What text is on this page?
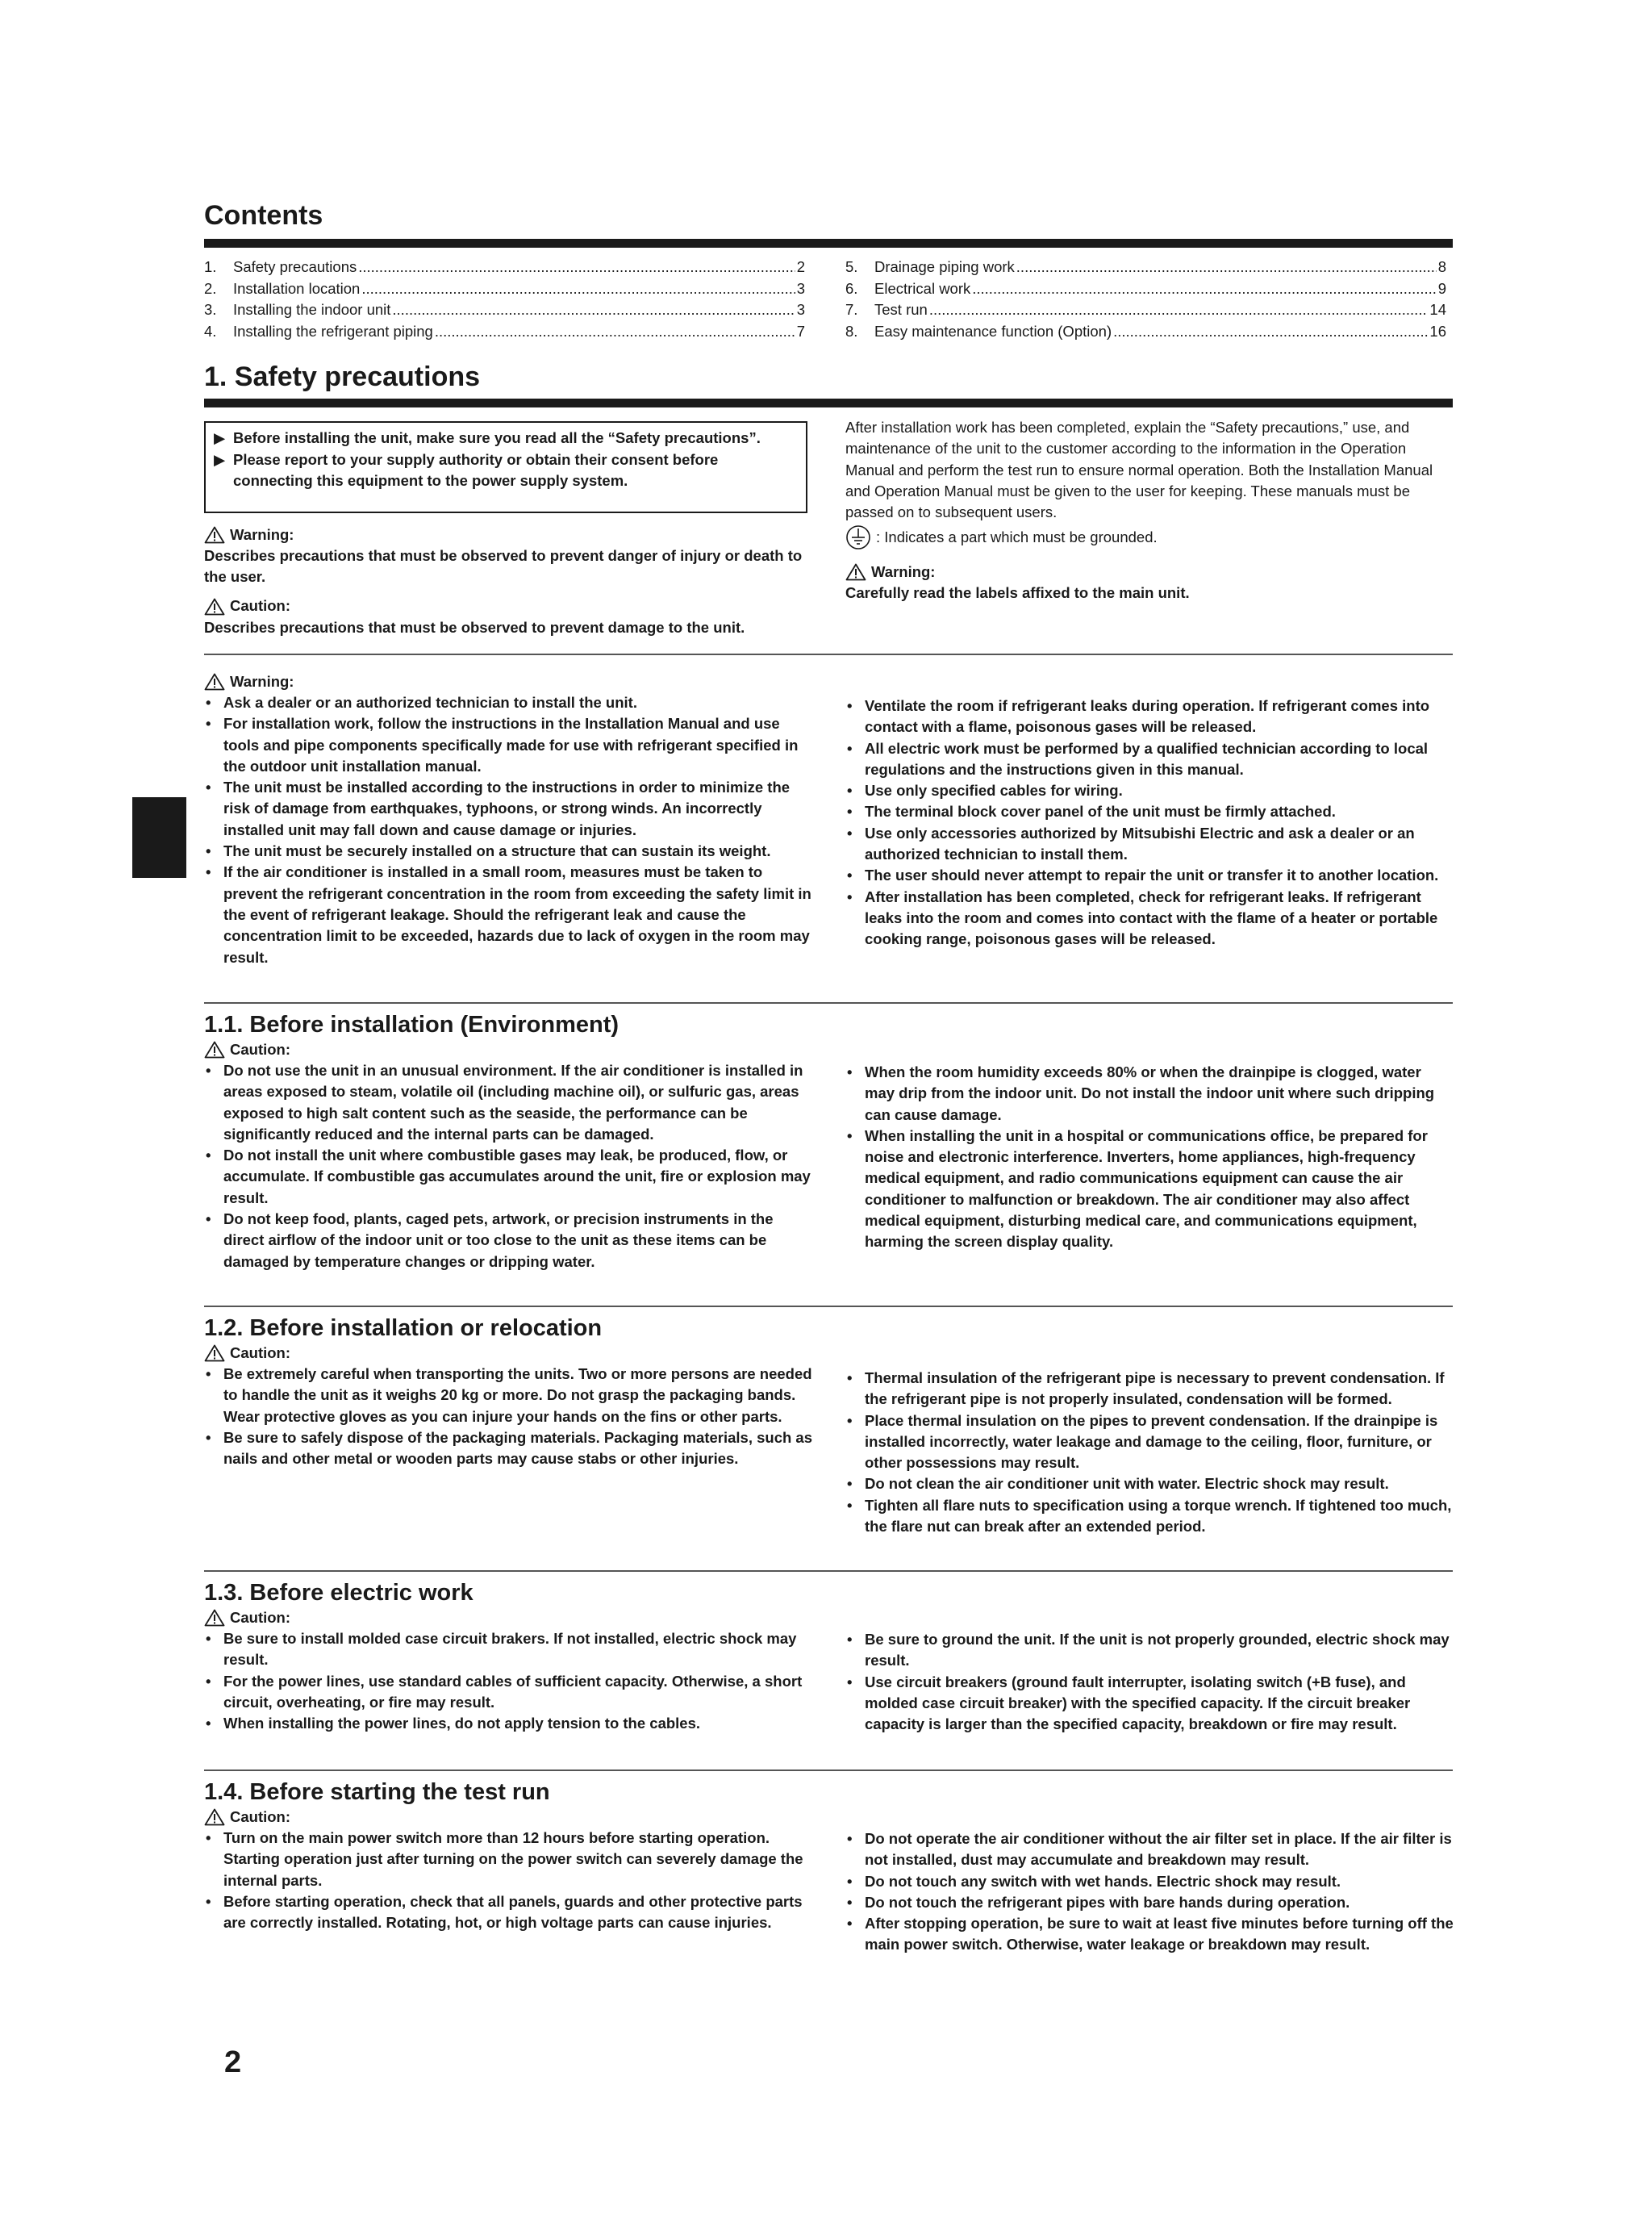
Contents
1.	Safety precautions .....	2
2.	Installation location .....	3
3.	Installing the indoor unit .....	3
4.	Installing the refrigerant piping .....	7
5.	Drainage piping work .....	8
6.	Electrical work .....	9
7.	Test run .....	14
8.	Easy maintenance function (Option) .....	16
1. Safety precautions
▶ Before installing the unit, make sure you read all the “Safety precautions”.
▶ Please report to your supply authority or obtain their consent before connecting this equipment to the power supply system.
Warning:
Describes precautions that must be observed to prevent danger of injury or death to the user.
Caution:
Describes precautions that must be observed to prevent damage to the unit.
After installation work has been completed, explain the “Safety precautions,” use, and maintenance of the unit to the customer according to the information in the Operation Manual and perform the test run to ensure normal operation. Both the Installation Manual and Operation Manual must be given to the user for keeping. These manuals must be passed on to subsequent users.
: Indicates a part which must be grounded.
Warning:
Carefully read the labels affixed to the main unit.
Warning:
• Ask a dealer or an authorized technician to install the unit.
• For installation work, follow the instructions in the Installation Manual and use tools and pipe components specifically made for use with refrigerant specified in the outdoor unit installation manual.
• The unit must be installed according to the instructions in order to minimize the risk of damage from earthquakes, typhoons, or strong winds. An incorrectly installed unit may fall down and cause damage or injuries.
• The unit must be securely installed on a structure that can sustain its weight.
• If the air conditioner is installed in a small room, measures must be taken to prevent the refrigerant concentration in the room from exceeding the safety limit in the event of refrigerant leakage. Should the refrigerant leak and cause the concentration limit to be exceeded, hazards due to lack of oxygen in the room may result.
• Ventilate the room if refrigerant leaks during operation. If refrigerant comes into contact with a flame, poisonous gases will be released.
• All electric work must be performed by a qualified technician according to local regulations and the instructions given in this manual.
• Use only specified cables for wiring.
• The terminal block cover panel of the unit must be firmly attached.
• Use only accessories authorized by Mitsubishi Electric and ask a dealer or an authorized technician to install them.
• The user should never attempt to repair the unit or transfer it to another location.
• After installation has been completed, check for refrigerant leaks. If refrigerant leaks into the room and comes into contact with the flame of a heater or portable cooking range, poisonous gases will be released.
1.1. Before installation (Environment)
Caution:
• Do not use the unit in an unusual environment. If the air conditioner is installed in areas exposed to steam, volatile oil (including machine oil), or sulfuric gas, areas exposed to high salt content such as the seaside, the performance can be significantly reduced and the internal parts can be damaged.
• Do not install the unit where combustible gases may leak, be produced, flow, or accumulate. If combustible gas accumulates around the unit, fire or explosion may result.
• Do not keep food, plants, caged pets, artwork, or precision instruments in the direct airflow of the indoor unit or too close to the unit as these items can be damaged by temperature changes or dripping water.
• When the room humidity exceeds 80% or when the drainpipe is clogged, water may drip from the indoor unit. Do not install the indoor unit where such dripping can cause damage.
• When installing the unit in a hospital or communications office, be prepared for noise and electronic interference. Inverters, home appliances, high-frequency medical equipment, and radio communications equipment can cause the air conditioner to malfunction or breakdown. The air conditioner may also affect medical equipment, disturbing medical care, and communications equipment, harming the screen display quality.
1.2. Before installation or relocation
Caution:
• Be extremely careful when transporting the units. Two or more persons are needed to handle the unit as it weighs 20 kg or more. Do not grasp the packaging bands. Wear protective gloves as you can injure your hands on the fins or other parts.
• Be sure to safely dispose of the packaging materials. Packaging materials, such as nails and other metal or wooden parts may cause stabs or other injuries.
• Thermal insulation of the refrigerant pipe is necessary to prevent condensation. If the refrigerant pipe is not properly insulated, condensation will be formed.
• Place thermal insulation on the pipes to prevent condensation. If the drainpipe is installed incorrectly, water leakage and damage to the ceiling, floor, furniture, or other possessions may result.
• Do not clean the air conditioner unit with water. Electric shock may result.
• Tighten all flare nuts to specification using a torque wrench. If tightened too much, the flare nut can break after an extended period.
1.3. Before electric work
Caution:
• Be sure to install molded case circuit brakers. If not installed, electric shock may result.
• For the power lines, use standard cables of sufficient capacity. Otherwise, a short circuit, overheating, or fire may result.
• When installing the power lines, do not apply tension to the cables.
• Be sure to ground the unit. If the unit is not properly grounded, electric shock may result.
• Use circuit breakers (ground fault interrupter, isolating switch (+B fuse), and molded case circuit breaker) with the specified capacity. If the circuit breaker capacity is larger than the specified capacity, breakdown or fire may result.
1.4. Before starting the test run
Caution:
• Turn on the main power switch more than 12 hours before starting operation. Starting operation just after turning on the power switch can severely damage the internal parts.
• Before starting operation, check that all panels, guards and other protective parts are correctly installed. Rotating, hot, or high voltage parts can cause injuries.
• Do not operate the air conditioner without the air filter set in place. If the air filter is not installed, dust may accumulate and breakdown may result.
• Do not touch any switch with wet hands. Electric shock may result.
• Do not touch the refrigerant pipes with bare hands during operation.
• After stopping operation, be sure to wait at least five minutes before turning off the main power switch. Otherwise, water leakage or breakdown may result.
2
